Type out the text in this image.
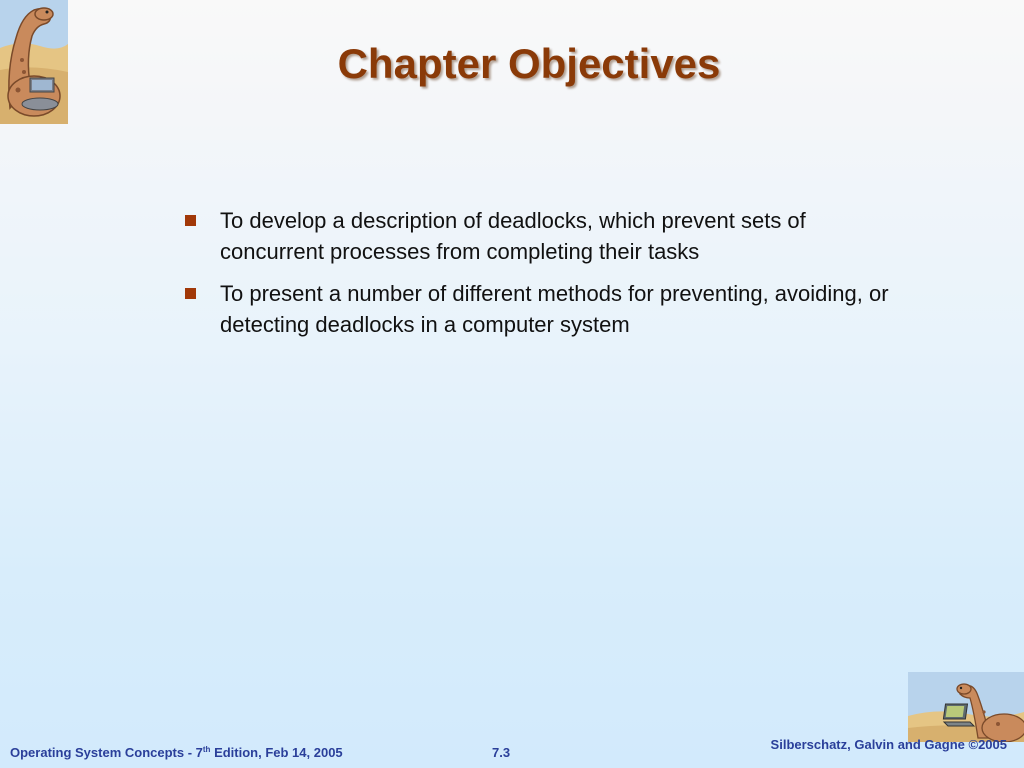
Chapter Objectives
To develop a description of deadlocks, which prevent sets of concurrent processes from completing their tasks
To present a number of different methods for preventing, avoiding, or detecting deadlocks in a computer system
Operating System Concepts - 7th Edition, Feb 14, 2005	7.3
Silberschatz, Galvin and Gagne ©2005
